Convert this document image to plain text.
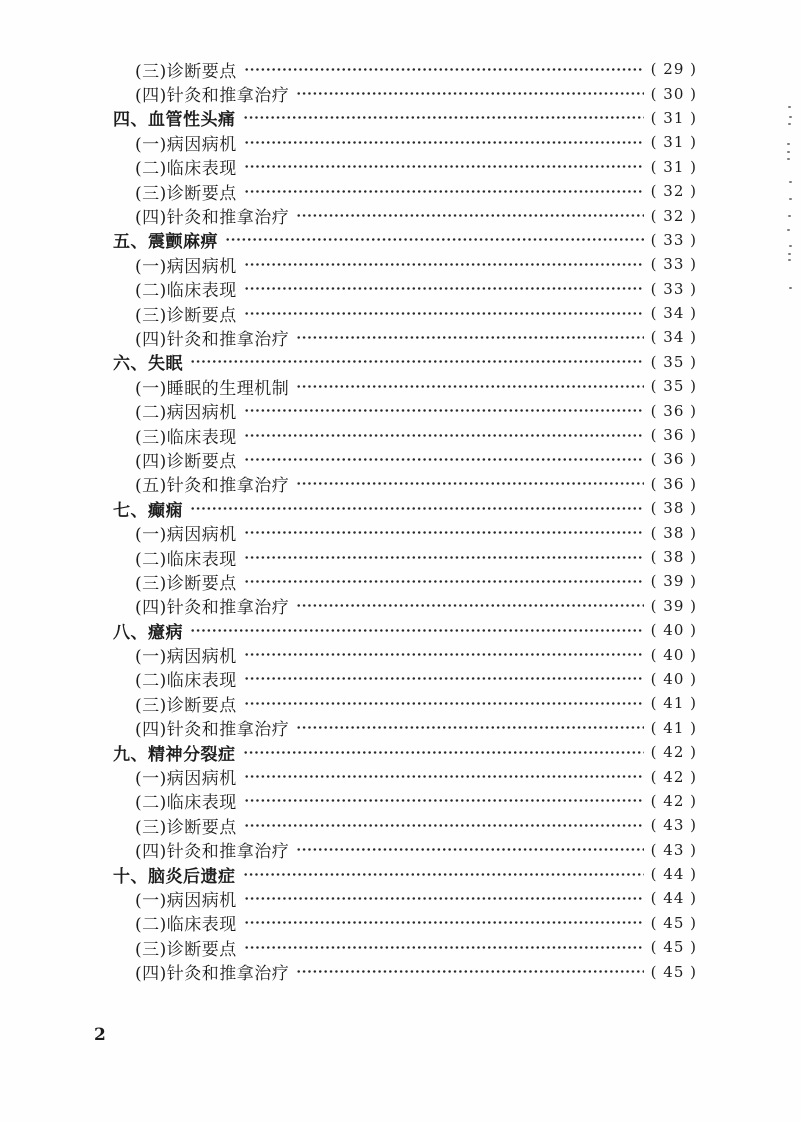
(三)诊断要点	( 29 )
(四)针灸和推拿治疗	( 30 )
四、血管性头痛	( 31 )
(一)病因病机	( 31 )
(二)临床表现	( 31 )
(三)诊断要点	( 32 )
(四)针灸和推拿治疗	( 32 )
五、震颤麻痹	( 33 )
(一)病因病机	( 33 )
(二)临床表现	( 33 )
(三)诊断要点	( 34 )
(四)针灸和推拿治疗	( 34 )
六、失眠	( 35 )
(一)睡眠的生理机制	( 35 )
(二)病因病机	( 36 )
(三)临床表现	( 36 )
(四)诊断要点	( 36 )
(五)针灸和推拿治疗	( 36 )
七、癫痫	( 38 )
(一)病因病机	( 38 )
(二)临床表现	( 38 )
(三)诊断要点	( 39 )
(四)针灸和推拿治疗	( 39 )
八、癔病	( 40 )
(一)病因病机	( 40 )
(二)临床表现	( 40 )
(三)诊断要点	( 41 )
(四)针灸和推拿治疗	( 41 )
九、精神分裂症	( 42 )
(一)病因病机	( 42 )
(二)临床表现	( 42 )
(三)诊断要点	( 43 )
(四)针灸和推拿治疗	( 43 )
十、脑炎后遗症	( 44 )
(一)病因病机	( 44 )
(二)临床表现	( 45 )
(三)诊断要点	( 45 )
(四)针灸和推拿治疗	( 45 )
2
